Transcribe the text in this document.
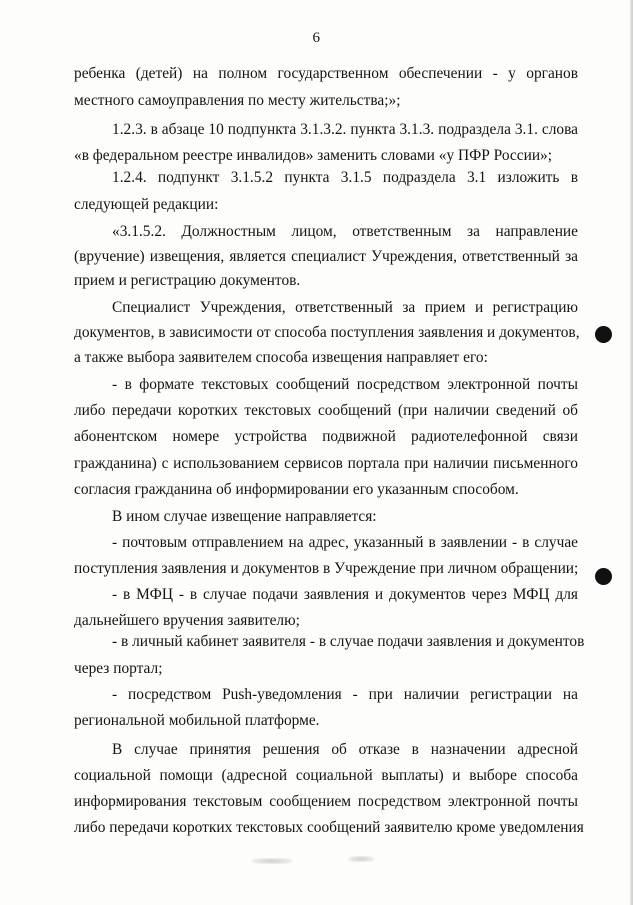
6
ребенка (детей) на полном государственном обеспечении - у органов
местного самоуправления по месту жительства;»;
1.2.3. в абзаце 10 подпункта 3.1.3.2. пункта 3.1.3. подраздела 3.1. слова
«в федеральном реестре инвалидов» заменить словами «у ПФР России»;
1.2.4. подпункт 3.1.5.2 пункта 3.1.5 подраздела 3.1 изложить в
следующей редакции:
«3.1.5.2. Должностным лицом, ответственным за направление
(вручение) извещения, является специалист Учреждения, ответственный за
прием и регистрацию документов.
Специалист Учреждения, ответственный за прием и регистрацию
документов, в зависимости от способа поступления заявления и документов,
а также выбора заявителем способа извещения направляет его:
- в формате текстовых сообщений посредством электронной почты
либо передачи коротких текстовых сообщений (при наличии сведений об
абонентском номере устройства подвижной радиотелефонной связи
гражданина) с использованием сервисов портала при наличии письменного
согласия гражданина об информировании его указанным способом.
В ином случае извещение направляется:
- почтовым отправлением на адрес, указанный в заявлении - в случае
поступления заявления и документов в Учреждение при личном обращении;
- в МФЦ - в случае подачи заявления и документов через МФЦ для
дальнейшего вручения заявителю;
- в личный кабинет заявителя - в случае подачи заявления и документов
через портал;
- посредством Push-уведомления - при наличии регистрации на
региональной мобильной платформе.
В случае принятия решения об отказе в назначении адресной
социальной помощи (адресной социальной выплаты) и выборе способа
информирования текстовым сообщением посредством электронной почты
либо передачи коротких текстовых сообщений заявителю кроме уведомления
